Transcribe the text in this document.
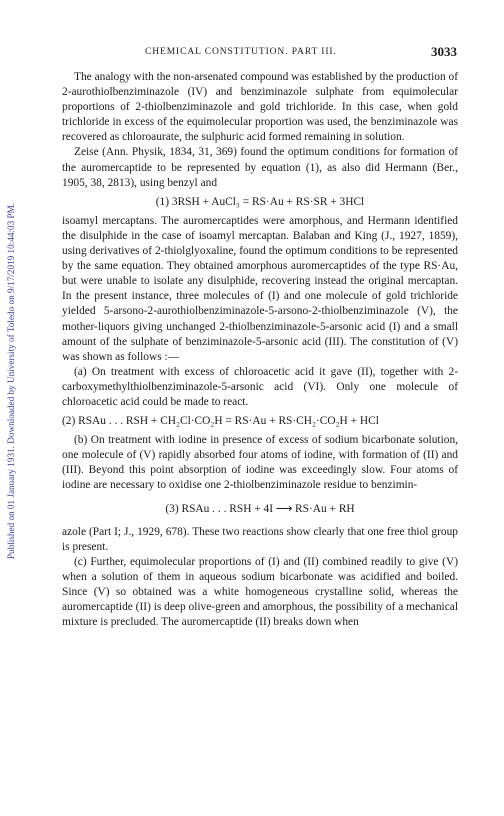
Published on 01 January 1931. Downloaded by University of Toledo on 9/17/2019 10:44:03 PM.
CHEMICAL CONSTITUTION. PART III.	3033

The analogy with the non-arsenated compound was established by the production of 2-aurothiolbenziminazole (IV) and benziminazole sulphate from equimolecular proportions of 2-thiolbenziminazole and gold trichloride. In this case, when gold trichloride in excess of the equimolecular proportion was used, the benziminazole was recovered as chloroaurate, the sulphuric acid formed remaining in solution.

Zeise (Ann. Physik, 1834, 31, 369) found the optimum conditions for formation of the auromercaptide to be represented by equation (1), as also did Hermann (Ber., 1905, 38, 2813), using benzyl and

(1) 3RSH + AuCl₃ = RS·Au + RS·SR + 3HCl

isoamyl mercaptans. The auromercaptides were amorphous, and Hermann identified the disulphide in the case of isoamyl mercaptan. Balaban and King (J., 1927, 1859), using derivatives of 2-thiolglyoxaline, found the optimum conditions to be represented by the same equation. They obtained amorphous auromercaptides of the type RS·Au, but were unable to isolate any disulphide, recovering instead the original mercaptan. In the present instance, three molecules of (I) and one molecule of gold trichloride yielded 5-arsono-2-aurothiolbenziminazole-5-arsono-2-thiolbenziminazole (V), the mother-liquors giving unchanged 2-thiolbenziminazole-5-arsonic acid (I) and a small amount of the sulphate of benziminazole-5-arsonic acid (III). The constitution of (V) was shown as follows :—

(a) On treatment with excess of chloroacetic acid it gave (II), together with 2-carboxymethylthiolbenziminazole-5-arsonic acid (VI). Only one molecule of chloroacetic acid could be made to react.

(2) RSAu . . . RSH + CH₂Cl·CO₂H = RS·Au + RS·CH₂·CO₂H + HCl

(b) On treatment with iodine in presence of excess of sodium bicarbonate solution, one molecule of (V) rapidly absorbed four atoms of iodine, with formation of (II) and (III). Beyond this point absorption of iodine was exceedingly slow. Four atoms of iodine are necessary to oxidise one 2-thiolbenziminazole residue to benzimin-

(3) RSAu . . . RSH + 4I ⟶ RS·Au + RH

azole (Part I; J., 1929, 678). These two reactions show clearly that one free thiol group is present.

(c) Further, equimolecular proportions of (I) and (II) combined readily to give (V) when a solution of them in aqueous sodium bicarbonate was acidified and boiled. Since (V) so obtained was a white homogeneous crystalline solid, whereas the auromercaptide (II) is deep olive-green and amorphous, the possibility of a mechanical mixture is precluded. The auromercaptide (II) breaks down when
